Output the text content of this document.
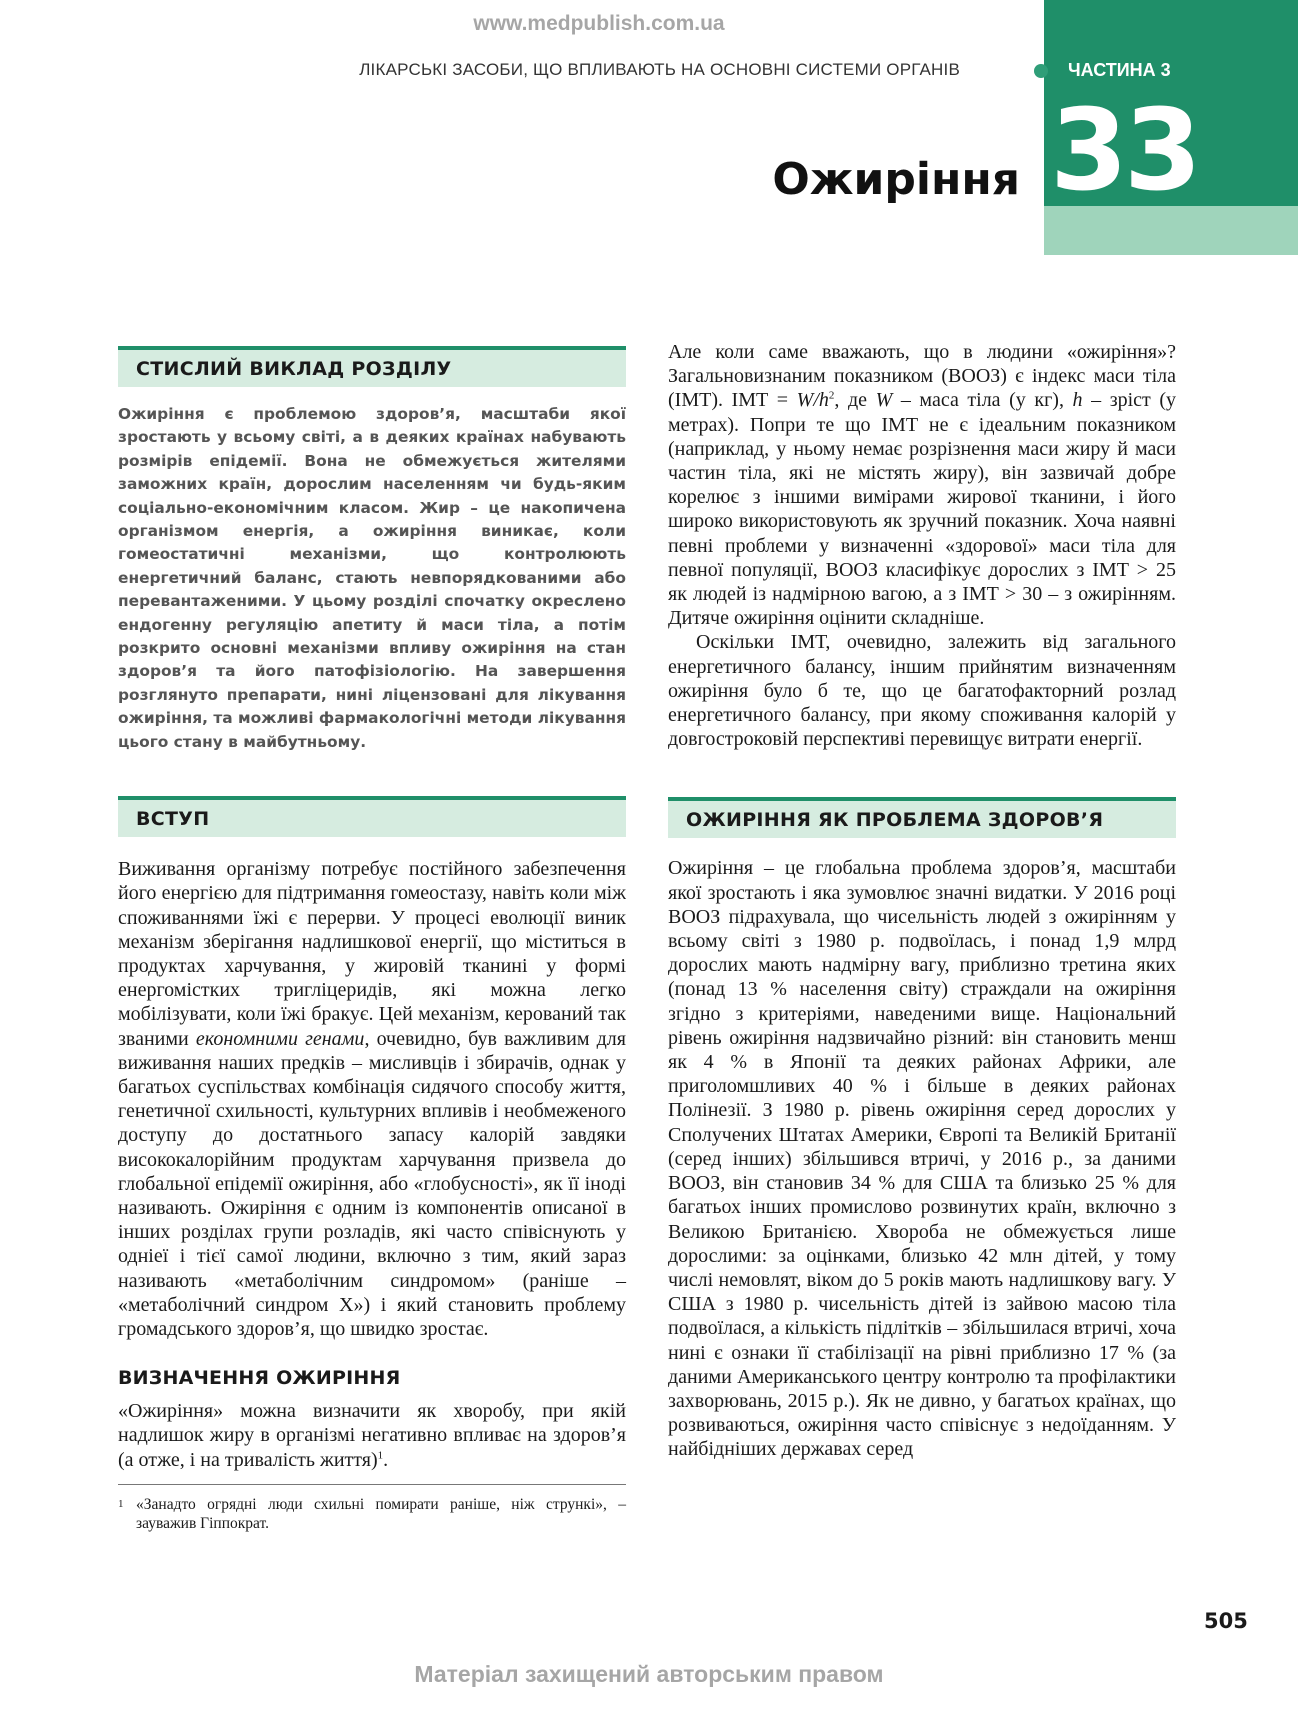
www.medpublish.com.ua
ЛІКАРСЬКІ ЗАСОБИ, ЩО ВПЛИВАЮТЬ НА ОСНОВНІ СИСТЕМИ ОРГАНІВ	ЧАСТИНА 3
33
Ожиріння
СТИСЛИЙ ВИКЛАД РОЗДІЛУ

Ожиріння є проблемою здоров’я, масштаби якої зростають у всьому світі, а в деяких країнах набувають розмірів епідемії. Вона не обмежується жителями заможних країн, дорослим населенням чи будь-яким соціально-економічним класом. Жир – це накопичена організмом енергія, а ожиріння виникає, коли гомеостатичні механізми, що контролюють енергетичний баланс, стають невпорядкованими або перевантаженими. У цьому розділі спочатку окреслено ендогенну регуляцію апетиту й маси тіла, а потім розкрито основні механізми впливу ожиріння на стан здоров’я та його патофізіологію. На завершення розглянуто препарати, нині ліцензовані для лікування ожиріння, та можливі фармакологічні методи лікування цього стану в майбутньому.

ВСТУП

Виживання організму потребує постійного забезпечення його енергією для підтримання гомеостазу, навіть коли між споживаннями їжі є перерви. У процесі еволюції виник механізм зберігання надлишкової енергії, що міститься в продуктах харчування, у жировій тканині у формі енергомістких тригліцеридів, які можна легко мобілізувати, коли їжі бракує. Цей механізм, керований так званими економними генами, очевидно, був важливим для виживання наших предків – мисливців і збирачів, однак у багатьох суспільствах комбінація сидячого способу життя, генетичної схильності, культурних впливів і необмеженого доступу до достатнього запасу калорій завдяки висококалорійним продуктам харчування призвела до глобальної епідемії ожиріння, або «глобусності», як її іноді називають. Ожиріння є одним із компонентів описаної в інших розділах групи розладів, які часто співіснують у одніеї і тієї самої людини, включно з тим, який зараз називають «метаболічним синдромом» (раніше – «метаболічний синдром Х») і який становить проблему громадського здоров’я, що швидко зростає.

ВИЗНАЧЕННЯ ОЖИРІННЯ

«Ожиріння» можна визначити як хворобу, при якій надлишок жиру в організмі негативно впливає на здоров’я (а отже, і на тривалість життя)$^1$.

1 «Занадто огрядні люди схильні помирати раніше, ніж стрункі», – зауважив Гіппократ.

Але коли саме вважають, що в людини «ожиріння»? Загальновизнаним показником (ВООЗ) є індекс маси тіла (ІМТ). ІМТ = $W/h^2$, де W – маса тіла (у кг), h – зріст (у метрах). Попри те що ІМТ не є ідеальним показником (наприклад, у ньому немає розрізнення маси жиру й маси частин тіла, які не містять жиру), він зазвичай добре корелює з іншими вимірами жирової тканини, і його широко використовують як зручний показник. Хоча наявні певні проблеми у визначенні «здорової» маси тіла для певної популяції, ВООЗ класифікує дорослих з ІМТ > 25 як людей із надмірною вагою, а з ІМТ > 30 – з ожирінням. Дитяче ожиріння оцінити складніше.

Оскільки ІМТ, очевидно, залежить від загального енергетичного балансу, іншим прийнятим визначенням ожиріння було б те, що це багатофакторний розлад енергетичного балансу, при якому споживання калорій у довгостроковій перспективі перевищує витрати енергії.

ОЖИРІННЯ ЯК ПРОБЛЕМА ЗДОРОВ’Я

Ожиріння – це глобальна проблема здоров’я, масштаби якої зростають і яка зумовлює значні видатки. У 2016 році ВООЗ підрахувала, що чисельність людей з ожирінням у всьому світі з 1980 р. подвоїлась, і понад 1,9 млрд дорослих мають надмірну вагу, приблизно третина яких (понад 13 % населення світу) страждали на ожиріння згідно з критеріями, наведеними вище. Національний рівень ожиріння надзвичайно різний: він становить менш як 4 % в Японії та деяких районах Африки, але приголомшливих 40 % і більше в деяких районах Полінезії. З 1980 р. рівень ожиріння серед дорослих у Сполучених Штатах Америки, Європі та Великій Британії (серед інших) збільшився втричі, у 2016 р., за даними ВООЗ, він становив 34 % для США та близько 25 % для багатьох інших промислово розвинутих країн, включно з Великою Британією. Хвороба не обмежується лише дорослими: за оцінками, близько 42 млн дітей, у тому числі немовлят, віком до 5 років мають надлишкову вагу. У США з 1980 р. чисельність дітей із зайвою масою тіла подвоїлася, а кількість підлітків – збільшилася втричі, хоча нині є ознаки її стабілізації на рівні приблизно 17 % (за даними Американського центру контролю та профілактики захворювань, 2015 р.). Як не дивно, у багатьох країнах, що розвиваються, ожиріння часто співіснує з недоїданням. У найбідніших державах серед

505
Матеріал захищений авторським правом
